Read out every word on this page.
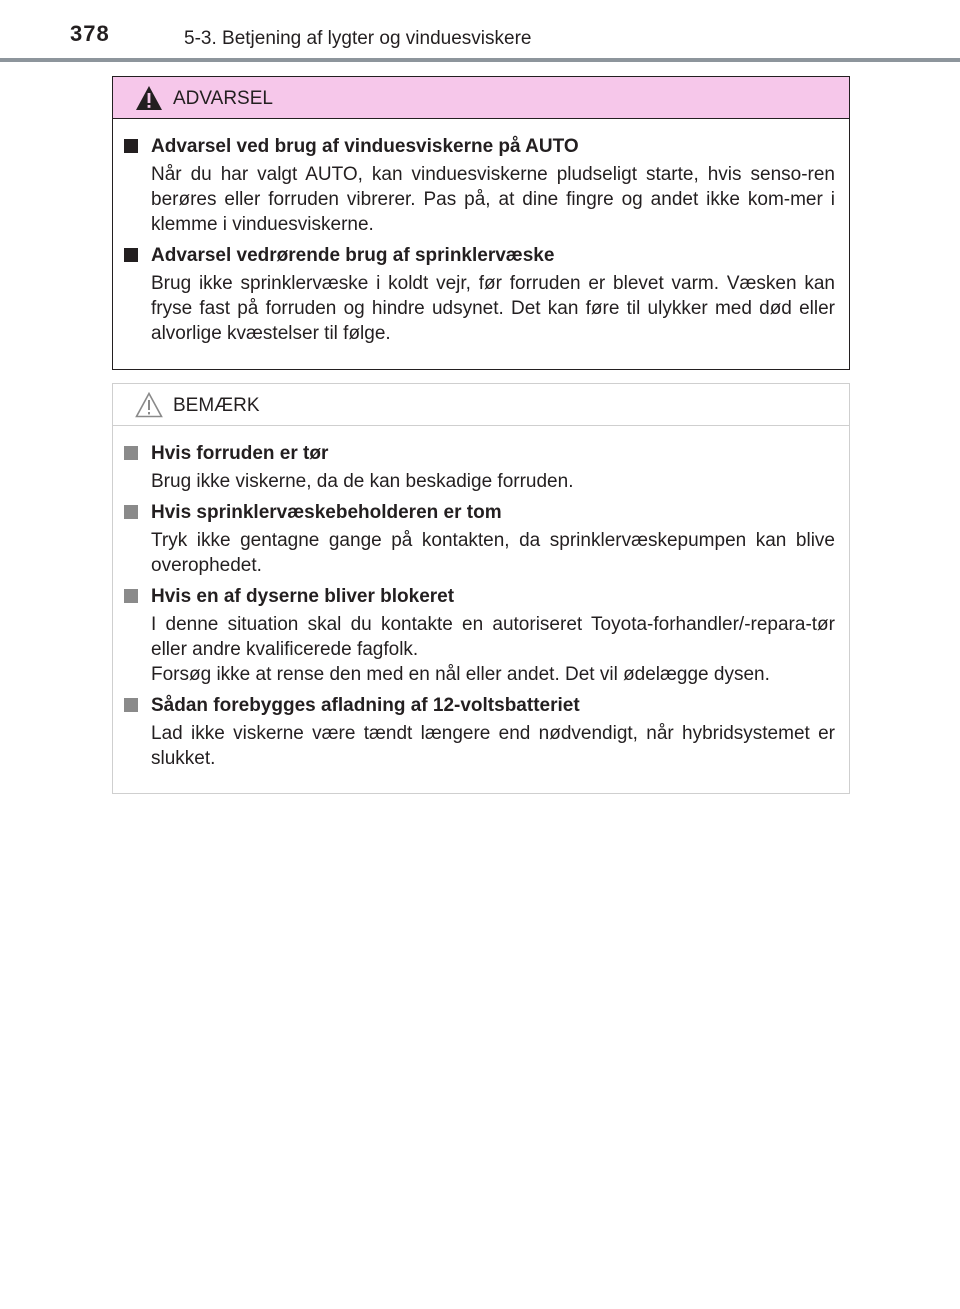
378	5-3. Betjening af lygter og vinduesviskere
ADVARSEL
Advarsel ved brug af vinduesviskerne på AUTO
Når du har valgt AUTO, kan vinduesviskerne pludseligt starte, hvis senso-ren berøres eller forruden vibrerer. Pas på, at dine fingre og andet ikke kom-mer i klemme i vinduesviskerne.
Advarsel vedrørende brug af sprinklervæske
Brug ikke sprinklervæske i koldt vejr, før forruden er blevet varm. Væsken kan fryse fast på forruden og hindre udsynet. Det kan føre til ulykker med død eller alvorlige kvæstelser til følge.
BEMÆRK
Hvis forruden er tør
Brug ikke viskerne, da de kan beskadige forruden.
Hvis sprinklervæskebeholderen er tom
Tryk ikke gentagne gange på kontakten, da sprinklervæskepumpen kan blive overophedet.
Hvis en af dyserne bliver blokeret
I denne situation skal du kontakte en autoriseret Toyota-forhandler/-repara-tør eller andre kvalificerede fagfolk.
Forsøg ikke at rense den med en nål eller andet. Det vil ødelægge dysen.
Sådan forebygges afladning af 12-voltsbatteriet
Lad ikke viskerne være tændt længere end nødvendigt, når hybridsystemet er slukket.
